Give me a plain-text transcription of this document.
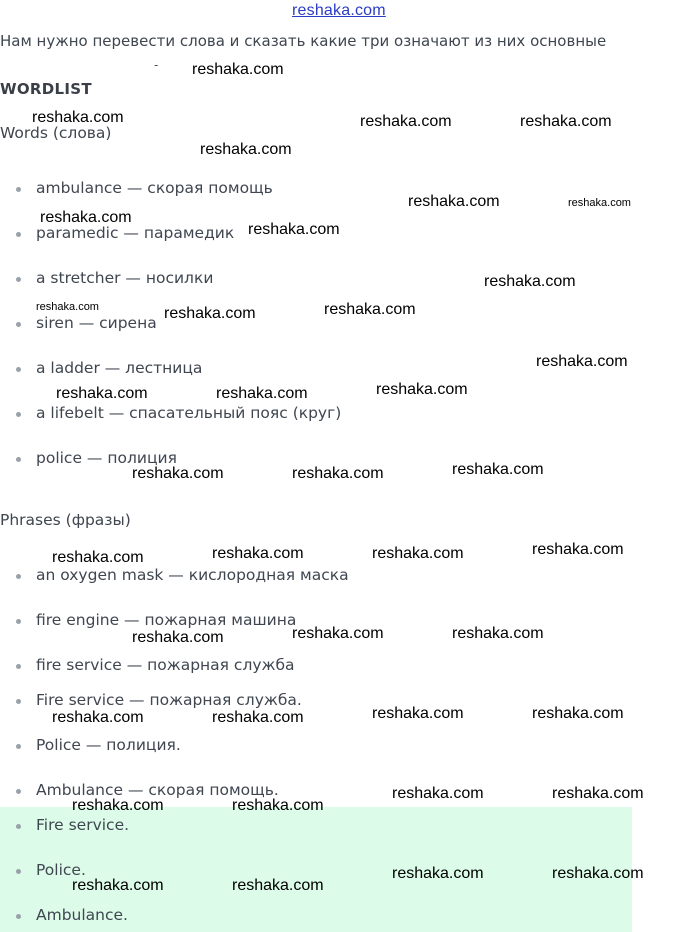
reshaka.com
Нам нужно перевести слова и сказать какие три означают из них основные
-
WORDLIST
Words (слова)
ambulance — скорая помощь
paramedic — парамедик
a stretcher — носилки
siren — сирена
a ladder — лестница
a lifebelt — спасательный пояс (круг)
police — полиция
Phrases (фразы)
an oxygen mask — кислородная маска
fire engine — пожарная машина
fire service — пожарная служба
Fire service — пожарная служба.
Police — полиция.
Ambulance — скорая помощь.
Fire service.
Police.
Ambulance.
reshaka.com
reshaka.com	reshaka.com	reshaka.com
reshaka.com
reshaka.com	reshaka.com
reshaka.com
reshaka.com
reshaka.com
reshaka.com	reshaka.com
reshaka.com
reshaka.com
reshaka.com
reshaka.com	reshaka.com
reshaka.com
reshaka.com	reshaka.com
reshaka.com
reshaka.com	reshaka.com
reshaka.com
reshaka.com	reshaka.com
reshaka.com
reshaka.com	reshaka.com
reshaka.com	reshaka.com
reshaka.com	reshaka.com
reshaka.com	reshaka.com
reshaka.com	reshaka.com
reshaka.com	reshaka.com
